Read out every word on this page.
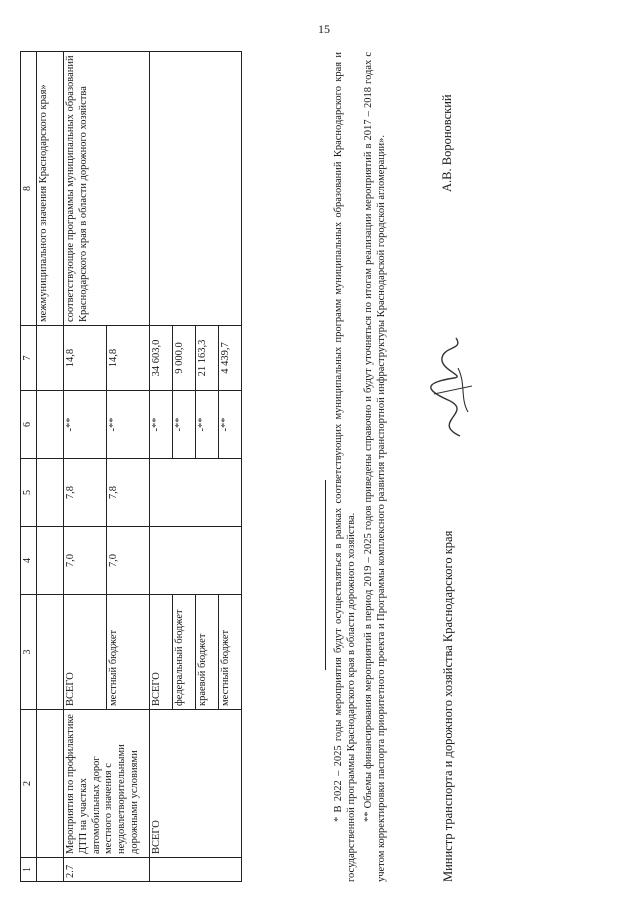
15
1	2	3	4	5	6	7	8
							межмуниципального значения Краснодарского края»
2.7	Мероприятия по профилактике ДТП на участках автомобильных дорог местного значения с неудовлетворительными дорожными условиями	ВСЕГО	7,0	7,8	-**	14,8	соответствующие программы муниципальных образований Краснодарского края в области дорожного хозяйства
		местный бюджет	7,0	7,8	-**	14,8	
	ВСЕГО	ВСЕГО			-**	34 603,0	
		федеральный бюджет			-**	9 000,0	
		краевой бюджет			-**	21 163,3	
		местный бюджет			-**	4 439,7		* В 2022 – 2025 годы мероприятия будут осуществляться в рамках соответствующих муниципальных программ муниципальных образований Краснодарского края и государственной программы Краснодарского края в области дорожного хозяйства. ** Объемы финансирования мероприятий в период 2019 – 2025 годов приведены справочно и будут уточняться по итогам реализации мероприятий в 2017 – 2018 годах с учетом корректировки паспорта приоритетного проекта и Программы комплексного развития транспортной инфраструктуры Краснодарской городской агломерации».	Министр транспорта и дорожного хозяйства Краснодарского края
А.В. Вороновский
